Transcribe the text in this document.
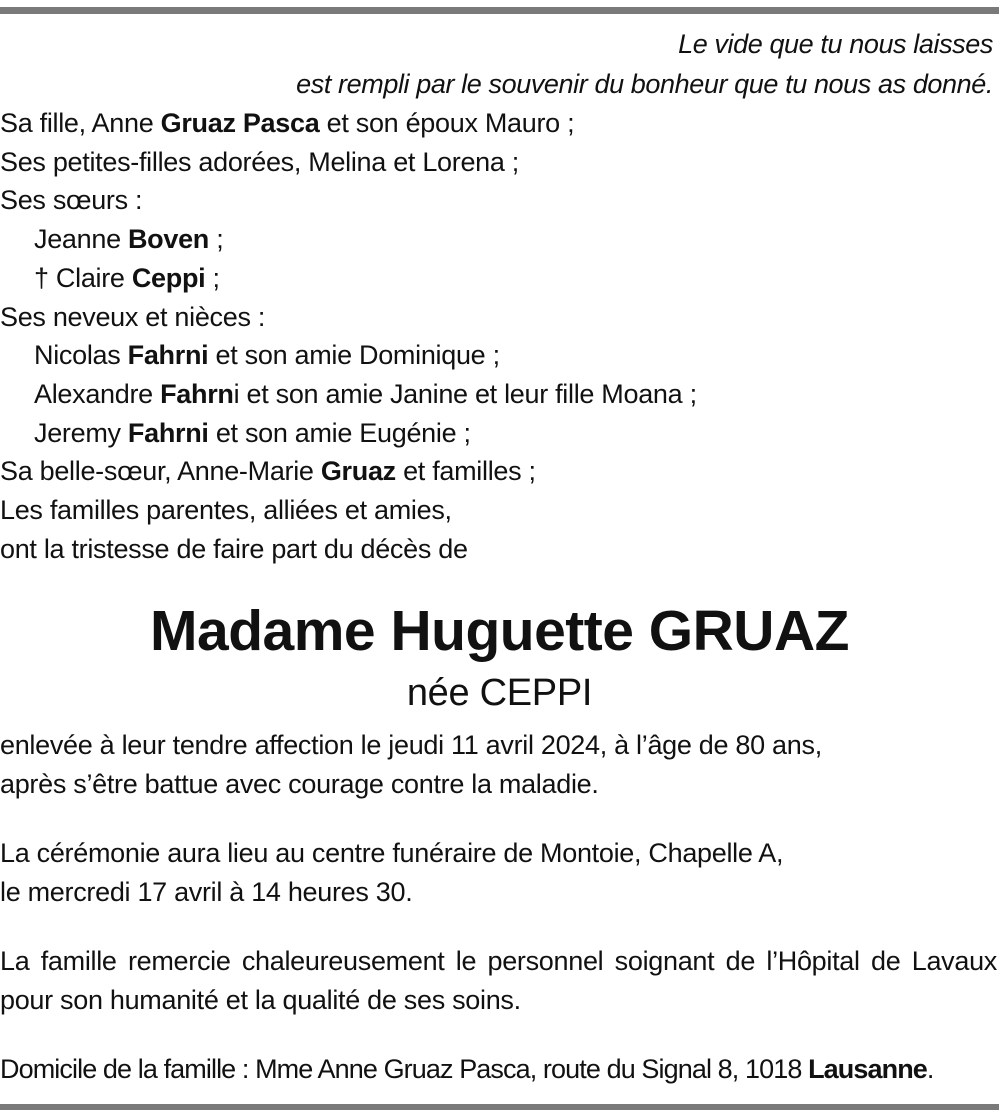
Le vide que tu nous laisses
est rempli par le souvenir du bonheur que tu nous as donné.
Sa fille, Anne Gruaz Pasca et son époux Mauro ;
Ses petites-filles adorées, Melina et Lorena ;
Ses sœurs :
Jeanne Boven ;
† Claire Ceppi ;
Ses neveux et nièces :
Nicolas Fahrni et son amie Dominique ;
Alexandre Fahrni et son amie Janine et leur fille Moana ;
Jeremy Fahrni et son amie Eugénie ;
Sa belle-sœur, Anne-Marie Gruaz et familles ;
Les familles parentes, alliées et amies,
ont la tristesse de faire part du décès de
Madame Huguette GRUAZ
née CEPPI
enlevée à leur tendre affection le jeudi 11 avril 2024, à l’âge de 80 ans,
après s’être battue avec courage contre la maladie.
La cérémonie aura lieu au centre funéraire de Montoie, Chapelle A,
le mercredi 17 avril à 14 heures 30.
La famille remercie chaleureusement le personnel soignant de l’Hôpital de Lavaux pour son humanité et la qualité de ses soins.
Domicile de la famille : Mme Anne Gruaz Pasca, route du Signal 8, 1018 Lausanne.
